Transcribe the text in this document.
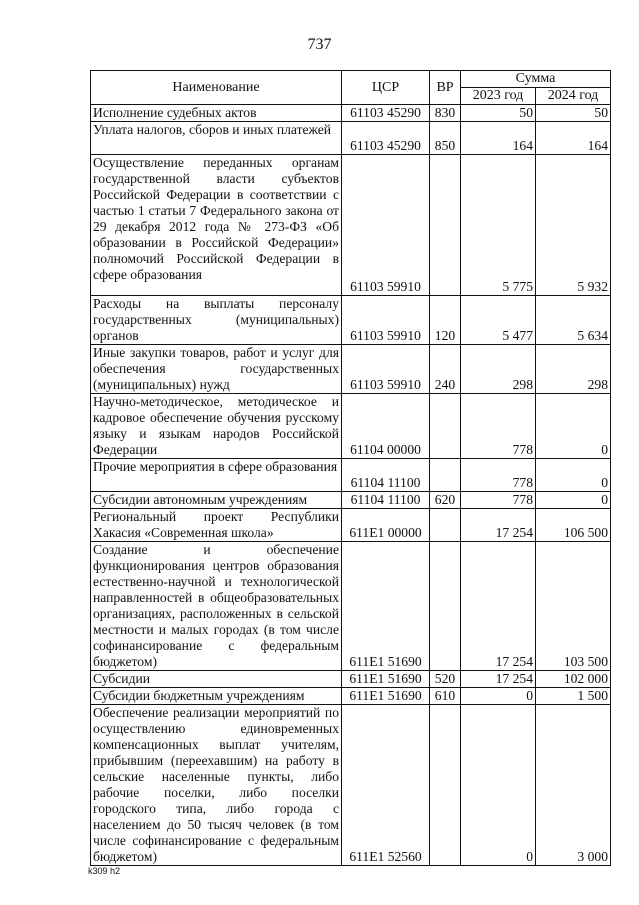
737
Наименование	ЦСР	ВР	Сумма	
			2023 год	2024 год
Исполнение судебных актов	61103 45290	830	50	50
Уплата налогов, сборов и иных платежей	61103 45290	850	164	164
Осуществление переданных органам государственной власти субъектов Российской Федерации в соответствии с частью 1 статьи 7 Федерального закона от 29 декабря 2012 года № 273-ФЗ «Об образовании в Российской Федерации» полномочий Российской Федерации в сфере образования	61103 59910		5 775	5 932
Расходы на выплаты персоналу государственных (муниципальных) органов	61103 59910	120	5 477	5 634
Иные закупки товаров, работ и услуг для обеспечения государственных (муниципальных) нужд	61103 59910	240	298	298
Научно-методическое, методическое и кадровое обеспечение обучения русскому языку и языкам народов Российской Федерации	61104 00000		778	0
Прочие мероприятия в сфере образования	61104 11100		778	0
Субсидии автономным учреждениям	61104 11100	620	778	0
Региональный проект Республики Хакасия «Современная школа»	611E1 00000		17 254	106 500
Создание и обеспечение функционирования центров образования естественно-научной и технологической направленностей в общеобразовательных организациях, расположенных в сельской местности и малых городах (в том числе софинансирование с федеральным бюджетом)	611E1 51690		17 254	103 500
Субсидии	611E1 51690	520	17 254	102 000
Субсидии бюджетным учреждениям	611E1 51690	610	0	1 500
Обеспечение реализации мероприятий по осуществлению единовременных компенсационных выплат учителям, прибывшим (переехавшим) на работу в сельские населенные пункты, либо рабочие поселки, либо поселки городского типа, либо города с населением до 50 тысяч человек (в том числе софинансирование с федеральным бюджетом)	611E1 52560		0	3 000
k309 h2
